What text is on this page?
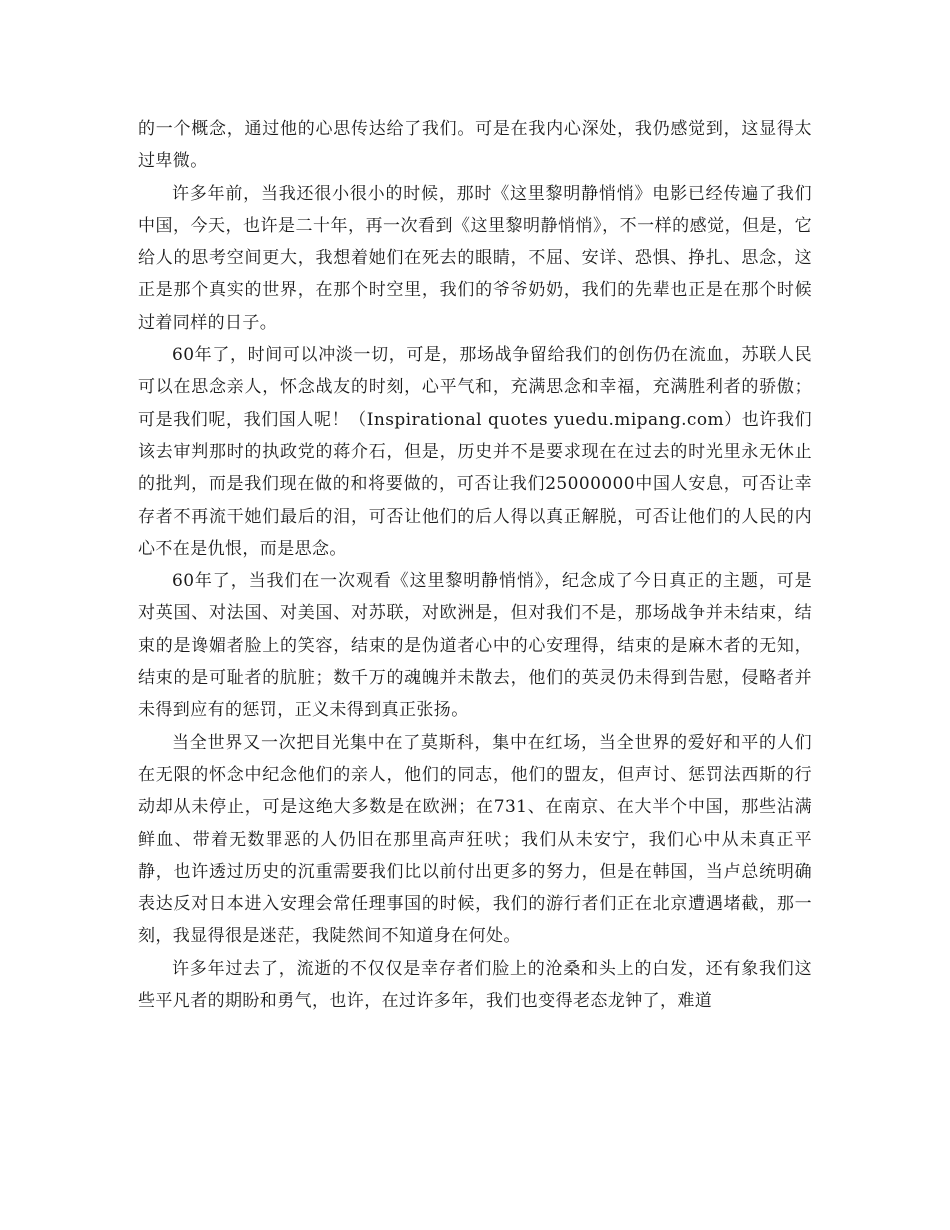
的一个概念，通过他的心思传达给了我们。可是在我内心深处，我仍感觉到，这显得太过卑微。

许多年前，当我还很小很小的时候，那时《这里黎明静悄悄》电影已经传遍了我们中国，今天，也许是二十年，再一次看到《这里黎明静悄悄》，不一样的感觉，但是，它给人的思考空间更大，我想着她们在死去的眼睛，不屈、安详、恐惧、挣扎、思念，这正是那个真实的世界，在那个时空里，我们的爷爷奶奶，我们的先辈也正是在那个时候过着同样的日子。

60年了，时间可以冲淡一切，可是，那场战争留给我们的创伤仍在流血，苏联人民可以在思念亲人，怀念战友的时刻，心平气和，充满思念和幸福，充满胜利者的骄傲；可是我们呢，我们国人呢！（Inspirational quotes yuedu.mipang.com）也许我们该去审判那时的执政党的蒋介石，但是，历史并不是要求现在在过去的时光里永无休止的批判，而是我们现在做的和将要做的，可否让我们25000000中国人安息，可否让幸存者不再流干她们最后的泪，可否让他们的后人得以真正解脱，可否让他们的人民的内心不在是仇恨，而是思念。

60年了，当我们在一次观看《这里黎明静悄悄》，纪念成了今日真正的主题，可是对英国、对法国、对美国、对苏联，对欧洲是，但对我们不是，那场战争并未结束，结束的是谗媚者脸上的笑容，结束的是伪道者心中的心安理得，结束的是麻木者的无知，结束的是可耻者的肮脏；数千万的魂魄并未散去，他们的英灵仍未得到告慰，侵略者并未得到应有的惩罚，正义未得到真正张扬。

当全世界又一次把目光集中在了莫斯科，集中在红场，当全世界的爱好和平的人们在无限的怀念中纪念他们的亲人，他们的同志，他们的盟友，但声讨、惩罚法西斯的行动却从未停止，可是这绝大多数是在欧洲；在731、在南京、在大半个中国，那些沾满鲜血、带着无数罪恶的人仍旧在那里高声狂吠；我们从未安宁，我们心中从未真正平静，也许透过历史的沉重需要我们比以前付出更多的努力，但是在韩国，当卢总统明确表达反对日本进入安理会常任理事国的时候，我们的游行者们正在北京遭遇堵截，那一刻，我显得很是迷茫，我陡然间不知道身在何处。

许多年过去了，流逝的不仅仅是幸存者们脸上的沧桑和头上的白发，还有象我们这些平凡者的期盼和勇气，也许，在过许多年，我们也变得老态龙钟了，难道
